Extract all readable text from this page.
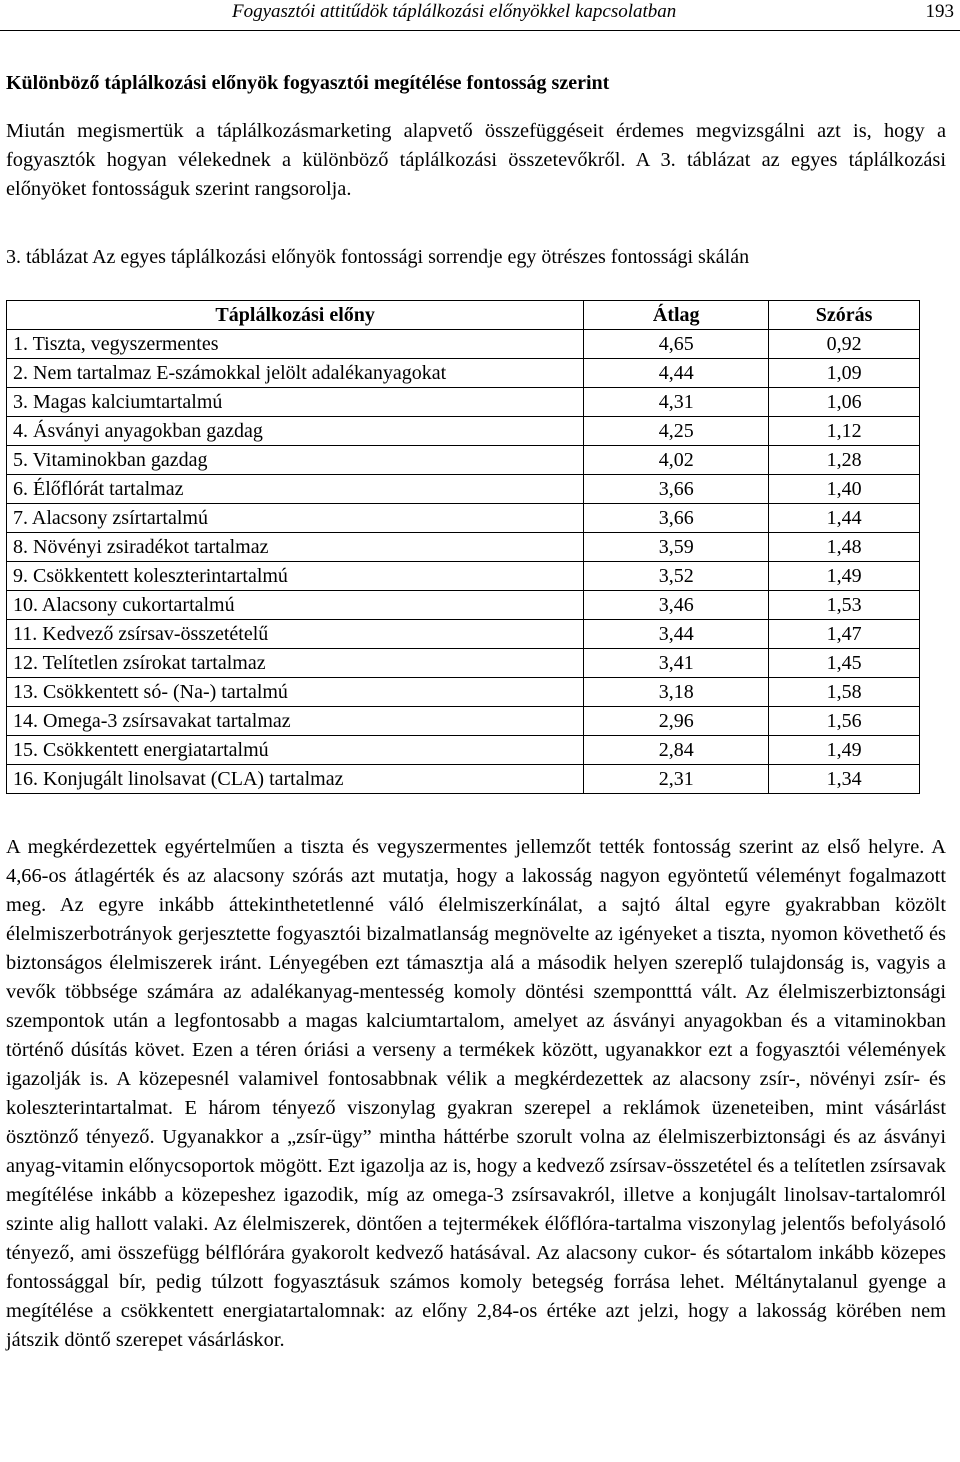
Fogyasztói attitűdök táplálkozási előnyökkel kapcsolatban	193
Különböző táplálkozási előnyök fogyasztói megítélése fontosság szerint
Miután megismertük a táplálkozásmarketing alapvető összefüggéseit érdemes megvizsgálni azt is, hogy a fogyasztók hogyan vélekednek a különböző táplálkozási összetevőkről. A 3. táblázat az egyes táplálkozási előnyöket fontosságuk szerint rangsorolja.
3. táblázat Az egyes táplálkozási előnyök fontossági sorrendje egy ötrészes fontossági skálán
Táplálkozási előny	Átlag	Szórás
1. Tiszta, vegyszermentes	4,65	0,92
2. Nem tartalmaz E-számokkal jelölt adalékanyagokat	4,44	1,09
3. Magas kalciumtartalmú	4,31	1,06
4. Ásványi anyagokban gazdag	4,25	1,12
5. Vitaminokban gazdag	4,02	1,28
6. Élőflórát tartalmaz	3,66	1,40
7. Alacsony zsírtartalmú	3,66	1,44
8. Növényi zsiradékot tartalmaz	3,59	1,48
9. Csökkentett koleszterintartalmú	3,52	1,49
10. Alacsony cukortartalmú	3,46	1,53
11. Kedvező zsírsav-összetételű	3,44	1,47
12. Telítetlen zsírokat tartalmaz	3,41	1,45
13. Csökkentett só- (Na-) tartalmú	3,18	1,58
14. Omega-3 zsírsavakat tartalmaz	2,96	1,56
15. Csökkentett energiatartalmú	2,84	1,49
16. Konjugált linolsavat (CLA) tartalmaz	2,31	1,34
A megkérdezettek egyértelműen a tiszta és vegyszermentes jellemzőt tették fontosság szerint az első helyre. A 4,66-os átlagérték és az alacsony szórás azt mutatja, hogy a lakosság nagyon egyöntetű véleményt fogalmazott meg. Az egyre inkább áttekinthetetlenné váló élelmiszerkínálat, a sajtó által egyre gyakrabban közölt élelmiszerbotrányok gerjesztette fogyasztói bizalmatlanság megnövelte az igényeket a tiszta, nyomon követhető és biztonságos élelmiszerek iránt. Lényegében ezt támasztja alá a második helyen szereplő tulajdonság is, vagyis a vevők többsége számára az adalékanyag-mentesség komoly döntési szempontttá vált. Az élelmiszerbiztonsági szempontok után a legfontosabb a magas kalciumtartalom, amelyet az ásványi anyagokban és a vitaminokban történő dúsítás követ. Ezen a téren óriási a verseny a termékek között, ugyanakkor ezt a fogyasztói vélemények igazolják is. A közepesnél valamivel fontosabbnak vélik a megkérdezettek az alacsony zsír-, növényi zsír- és koleszterintartalmat. E három tényező viszonylag gyakran szerepel a reklámok üzeneteiben, mint vásárlást ösztönző tényező. Ugyanakkor a „zsír-ügy” mintha háttérbe szorult volna az élelmiszerbiztonsági és az ásványi anyag-vitamin előnycsoportok mögött. Ezt igazolja az is, hogy a kedvező zsírsav-összetétel és a telítetlen zsírsavak megítélése inkább a közepeshez igazodik, míg az omega-3 zsírsavakról, illetve a konjugált linolsav-tartalomról szinte alig hallott valaki. Az élelmiszerek, döntően a tejtermékek élőflóra-tartalma viszonylag jelentős befolyásoló tényező, ami összefügg bélflórára gyakorolt kedvező hatásával. Az alacsony cukor- és sótartalom inkább közepes fontossággal bír, pedig túlzott fogyasztásuk számos komoly betegség forrása lehet. Méltánytalanul gyenge a megítélése a csökkentett energiatartalomnak: az előny 2,84-os értéke azt jelzi, hogy a lakosság körében nem játszik döntő szerepet vásárláskor.
